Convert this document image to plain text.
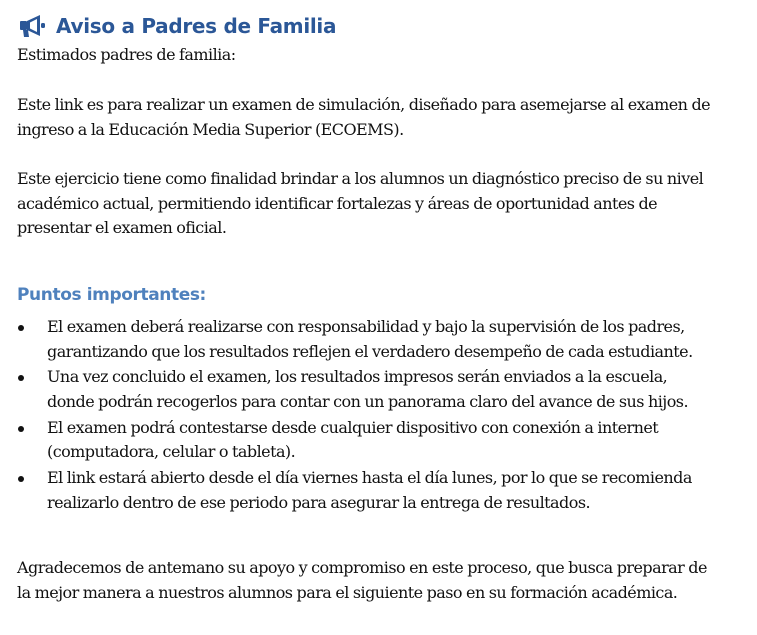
Aviso a Padres de Familia
Estimados padres de familia:
Este link es para realizar un examen de simulación, diseñado para asemejarse al examen de
ingreso a la Educación Media Superior (ECOEMS).
Este ejercicio tiene como finalidad brindar a los alumnos un diagnóstico preciso de su nivel
académico actual, permitiendo identificar fortalezas y áreas de oportunidad antes de
presentar el examen oficial.
Puntos importantes:
El examen deberá realizarse con responsabilidad y bajo la supervisión de los padres,
garantizando que los resultados reflejen el verdadero desempeño de cada estudiante.
Una vez concluido el examen, los resultados impresos serán enviados a la escuela,
donde podrán recogerlos para contar con un panorama claro del avance de sus hijos.
El examen podrá contestarse desde cualquier dispositivo con conexión a internet
(computadora, celular o tableta).
El link estará abierto desde el día viernes hasta el día lunes, por lo que se recomienda
realizarlo dentro de ese periodo para asegurar la entrega de resultados.
Agradecemos de antemano su apoyo y compromiso en este proceso, que busca preparar de
la mejor manera a nuestros alumnos para el siguiente paso en su formación académica.
